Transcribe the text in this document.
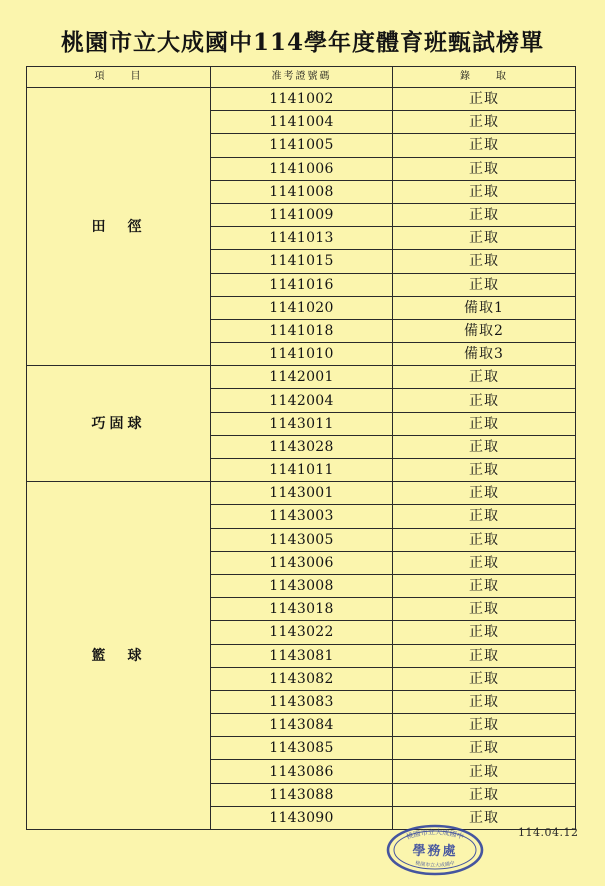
桃園市立大成國中114學年度體育班甄試榜單
項　　目	准考證號碼	錄　　取
田　徑	1141002	正取
	1141004	正取
	1141005	正取
	1141006	正取
	1141008	正取
	1141009	正取
	1141013	正取
	1141015	正取
	1141016	正取
	1141020	備取1
	1141018	備取2
	1141010	備取3
巧固球	1142001	正取
	1142004	正取
	1143011	正取
	1143028	正取
	1141011	正取
籃　球	1143001	正取
	1143003	正取
	1143005	正取
	1143006	正取
	1143008	正取
	1143018	正取
	1143022	正取
	1143081	正取
	1143082	正取
	1143083	正取
	1143084	正取
	1143085	正取
	1143086	正取
	1143088	正取
	1143090	正取
桃園市立大成國中
學務處
桃園市立大成國中
114.04.12
